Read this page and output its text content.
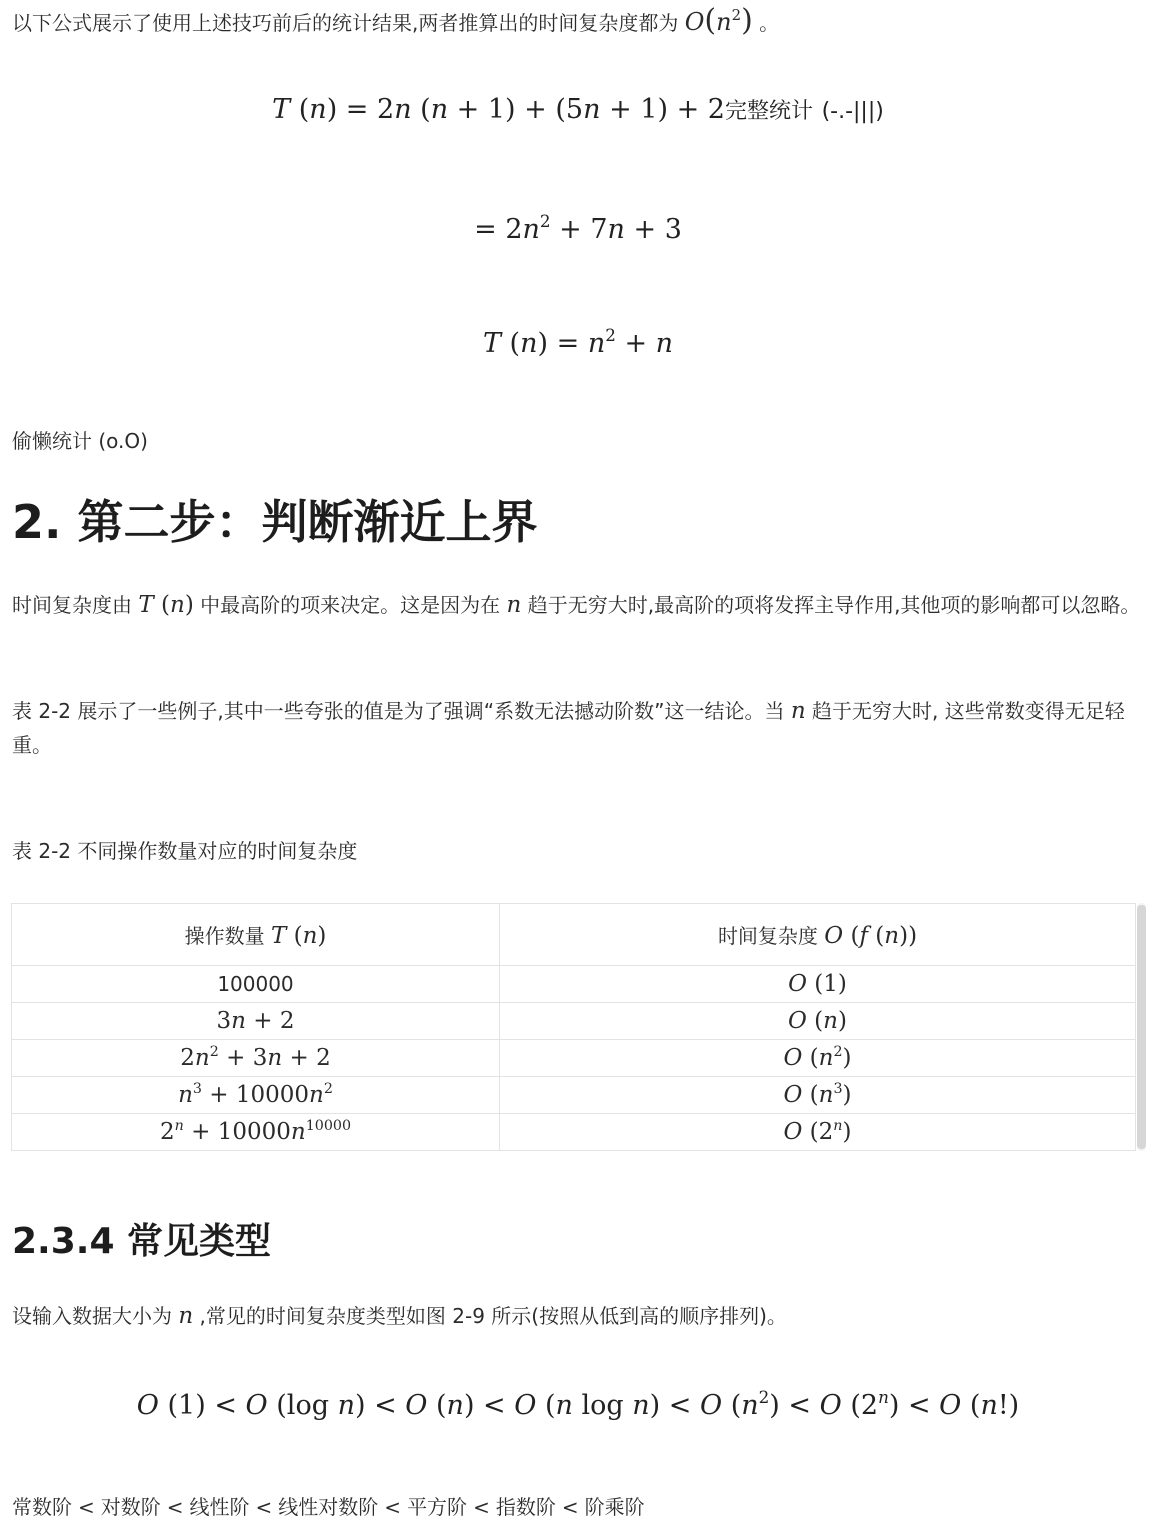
以下公式展示了使用上述技巧前后的统计结果,两者推算出的时间复杂度都为 $O(n^2)$ 。

T (n) = 2n (n + 1) + (5n + 1) + 2完整统计 (-.-|||)
= $2n^2 + 7n + 3$
T $(n) = n^2 + n$

偷懒统计 (o.O)

2. 第二步：判断渐近上界

时间复杂度由 T (n) 中最高阶的项来决定。这是因为在 n 趋于无穷大时,最高阶的项将发挥主导作用,其他项的影响都可以忽略。

表 2-2 展示了一些例子,其中一些夸张的值是为了强调“系数无法撼动阶数”这一结论。当 n 趋于无穷大时, 这些常数变得无足轻重。

表 2-2 不同操作数量对应的时间复杂度

操作数量 T (n)	时间复杂度 O (f (n))
100000	O (1)
3n + 2	O (n)
$2n^2 + 3n + 2$	O $(n^2)$
$n^3 + 10000n^2$	O $(n^3)$
$2^n + 10000n^{10000}$	O (2$^n$)
2.3.4 常见类型

设输入数据大小为 n ,常见的时间复杂度类型如图 2-9 所示(按照从低到高的顺序排列)。

O (1) < O (log n) < O (n) < O (n log n) < O $(n^2) < O$ $(2^n) < O$ (n!)

常数阶 < 对数阶 < 线性阶 < 线性对数阶 < 平方阶 < 指数阶 < 阶乘阶
